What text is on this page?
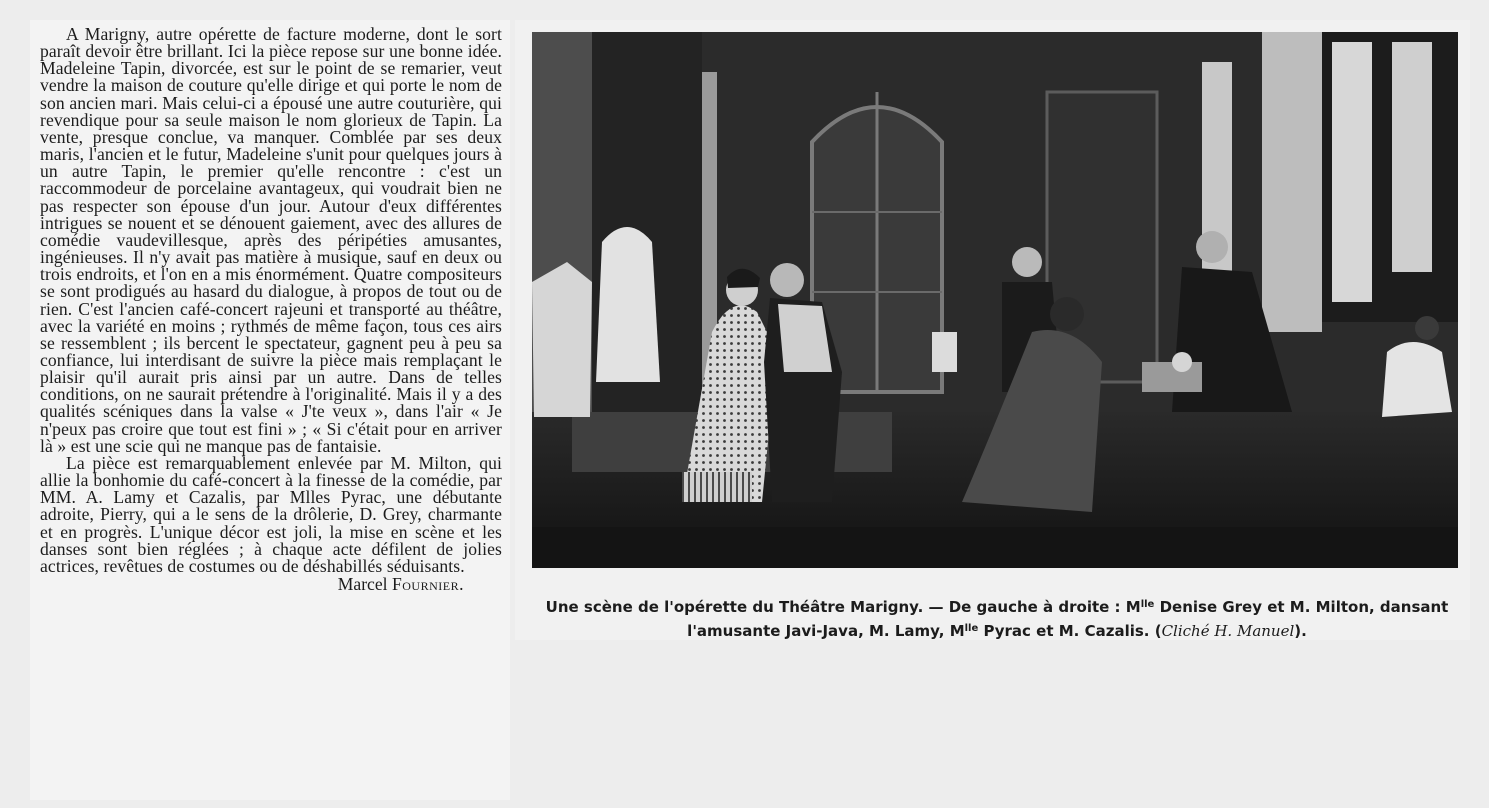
A Marigny, autre opérette de facture moderne, dont le sort paraît devoir être brillant. Ici la pièce repose sur une bonne idée. Madeleine Tapin, divorcée, est sur le point de se remarier, veut vendre la maison de couture qu'elle dirige et qui porte le nom de son ancien mari. Mais celui-ci a épousé une autre couturière, qui revendique pour sa seule maison le nom glorieux de Tapin. La vente, presque conclue, va manquer. Comblée par ses deux maris, l'ancien et le futur, Madeleine s'unit pour quelques jours à un autre Tapin, le premier qu'elle rencontre : c'est un raccommodeur de porcelaine avantageux, qui voudrait bien ne pas respecter son épouse d'un jour. Autour d'eux différentes intrigues se nouent et se dénouent gaiement, avec des allures de comédie vaudevillesque, après des péripéties amusantes, ingénieuses. Il n'y avait pas matière à musique, sauf en deux ou trois endroits, et l'on en a mis énormément. Quatre compositeurs se sont prodigués au hasard du dialogue, à propos de tout ou de rien. C'est l'ancien café-concert rajeuni et transporté au théâtre, avec la variété en moins ; rythmés de même façon, tous ces airs se ressemblent ; ils bercent le spectateur, gagnent peu à peu sa confiance, lui interdisant de suivre la pièce mais remplaçant le plaisir qu'il aurait pris ainsi par un autre. Dans de telles conditions, on ne saurait prétendre à l'originalité. Mais il y a des qualités scéniques dans la valse « J'te veux », dans l'air « Je n'peux pas croire que tout est fini » ; « Si c'était pour en arriver là » est une scie qui ne manque pas de fantaisie.

La pièce est remarquablement enlevée par M. Milton, qui allie la bonhomie du café-concert à la finesse de la comédie, par MM. A. Lamy et Cazalis, par Mlles Pyrac, une débutante adroite, Pierry, qui a le sens de la drôlerie, D. Grey, charmante et en progrès. L'unique décor est joli, la mise en scène et les danses sont bien réglées ; à chaque acte défilent de jolies actrices, revêtues de costumes ou de déshabillés séduisants.

Marcel Fournier.

Une scène de l'opérette du Théâtre Marigny. — De gauche à droite : $M^{lle}$ Denise Grey et M. Milton, dansant l'amusante Javi-Java, M. Lamy, $M^{lle}$ Pyrac et M. Cazalis. (Cliché H. Manuel).
